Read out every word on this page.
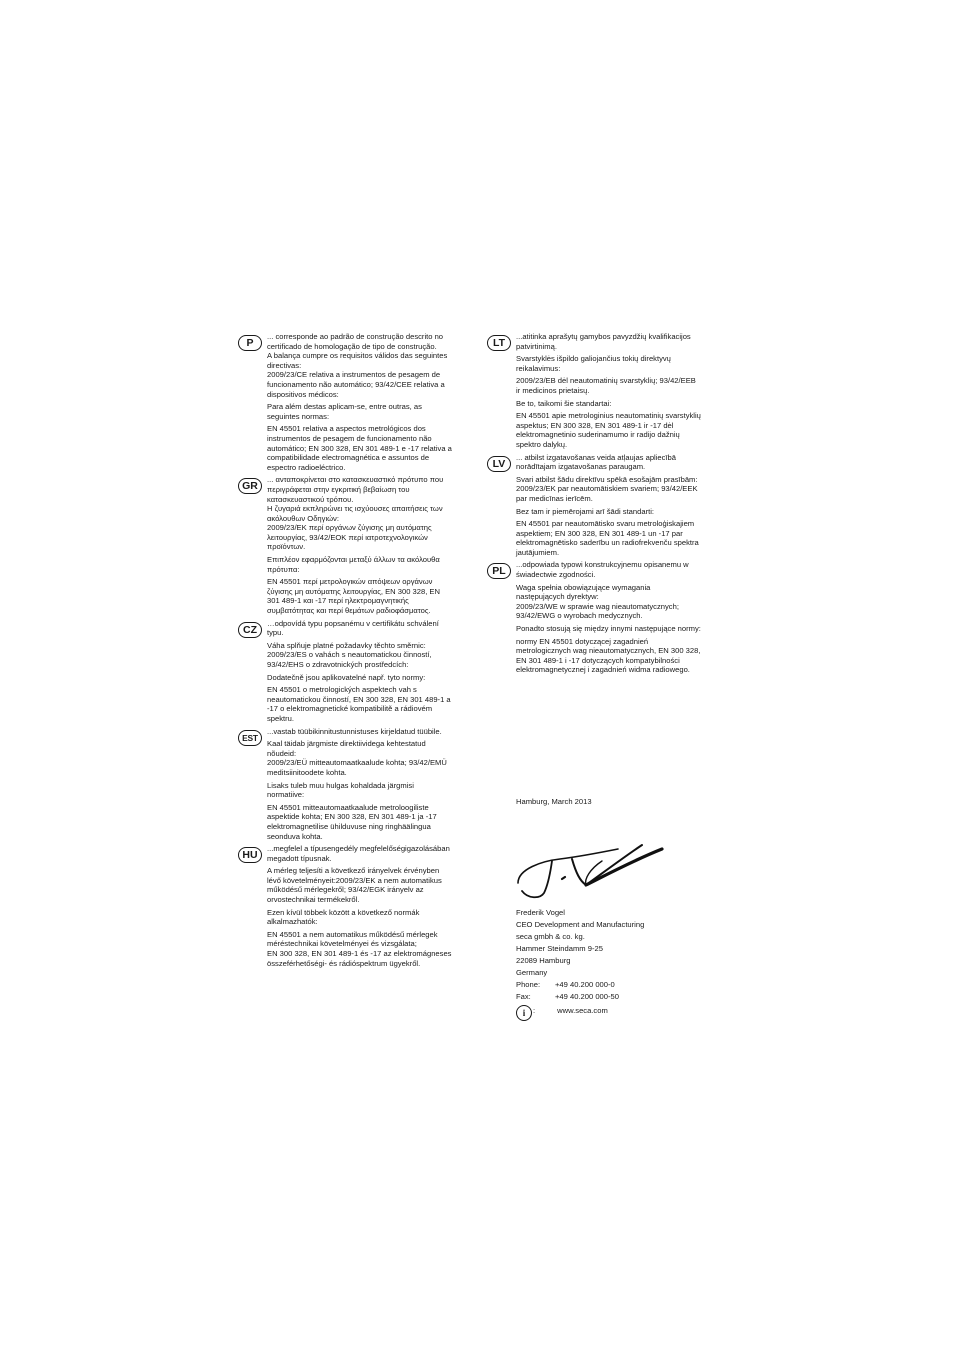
P

... corresponde ao padrão de construção descrito no certificado de homologação de tipo de construção.
A balança cumpre os requisitos válidos das seguintes directivas:
2009/23/CE relativa a instrumentos de pesagem de funcionamento não automático; 93/42/CEE relativa a dispositivos médicos:

Para além destas aplicam-se, entre outras, as seguintes normas:

EN 45501 relativa a aspectos metrológicos dos instrumentos de pesagem de funcionamento não automático; EN 300 328, EN 301 489-1 e -17 relativa a compatibilidade electromagnética e assuntos de espectro radioeléctrico.

GR

... ανταποκρίνεται στο κατασκευαστικό πρότυπο που περιγράφεται στην εγκριτική βεβαίωση του κατασκευαστικού τρόπου.
Η ζυγαριά εκπληρώνει τις ισχύουσες απαιτήσεις των ακόλουθων Οδηγιών:
2009/23/ΕΚ περί οργάνων ζύγισης μη αυτόματης λειτουργίας, 93/42/ΕΟΚ περί ιατροτεχνολογικών προϊόντων.

Επιπλέον εφαρμόζονται μεταξύ άλλων τα ακόλουθα πρότυπα:

EN 45501 περί μετρολογικών απόψεων οργάνων ζύγισης μη αυτόματης λειτουργίας, EN 300 328, EN 301 489-1 και -17 περί ηλεκτρομαγνητικής συμβατότητας και περί θεμάτων ραδιοφάσματος.

CZ

…odpovídá typu popsanému v certifikátu schválení typu.

Váha splňuje platné požadavky těchto směrnic: 2009/23/ES o vahách s neautomatickou činností, 93/42/EHS o zdravotnických prostředcích:

Dodatečně jsou aplikovatelné např. tyto normy:

EN 45501 o metrologických aspektech vah s neautomatickou činností, EN 300 328, EN 301 489-1 a -17 o elektromagnetické kompatibilitě a rádiovém spektru.

EST

...vastab tüübikinnitustunnistuses kirjeldatud tüübile.

Kaal täidab järgmiste direktiividega kehtestatud nõudeid:
2009/23/EÜ mitteautomaatkaalude kohta; 93/42/EMÜ meditsiinitoodete kohta.

Lisaks tuleb muu hulgas kohaldada järgmisi normatiive:

EN 45501 mitteautomaatkaalude metroloogiliste aspektide kohta; EN 300 328, EN 301 489-1 ja -17 elektromagnetilise ühilduvuse ning ringhäälingua seonduva kohta.

HU

...megfelel a típusengedély megfelelőségigazolásában megadott típusnak.

A mérleg teljesíti a következő irányelvek érvényben lévő követelményeit:2009/23/EK a nem automatikus működésű mérlegekről; 93/42/EGK irányelv az orvostechnikai termékekről.

Ezen kívül többek között a következő normák alkalmazhatók:

EN 45501 a nem automatikus működésű mérlegek méréstechnikai követelményei és vizsgálata;
EN 300 328, EN 301 489-1 és -17 az elektromágneses összeférhetőségi- és rádióspektrum ügyekről.

LT

...atitinka aprašytų gamybos pavyzdžių kvalifikacijos patvirtinimą.

Svarstyklės išpildo galiojančius tokių direktyvų reikalavimus:

2009/23/EB dėl neautomatinių svarstyklių; 93/42/EEB ir medicinos prietaisų.

Be to, taikomi šie standartai:

EN 45501 apie metrologinius neautomatinių svarstyklių aspektus; EN 300 328, EN 301 489-1 ir -17 dėl elektromagnetinio suderinamumo ir radijo dažnių spektro dalykų.

LV

... atbilst izgatavošanas veida atļaujas apliecībā norādītajam izgatavošanas paraugam.

Svari atbilst šādu direktīvu spēkā esošajām prasībām: 2009/23/EK par neautomātiskiem svariem; 93/42/EEK par medicīnas ierīcēm.

Bez tam ir piemērojami arī šādi standarti:

EN 45501 par neautomātisko svaru metroloģiskajiem aspektiem; EN 300 328, EN 301 489-1 un -17 par elektromagnētisko saderību un radiofrekvenču spektra jautājumiem.

PL

...odpowiada typowi konstrukcyjnemu opisanemu w świadectwie zgodności.

Waga spełnia obowiązujące wymagania następujących dyrektyw:
2009/23/WE w sprawie wag nieautomatycznych; 93/42/EWG o wyrobach medycznych.

Ponadto stosują się między innymi następujące normy:

normy EN 45501 dotyczącej zagadnień metrologicznych wag nieautomatycznych, EN 300 328, EN 301 489-1 i -17 dotyczących kompatybilności elektromagnetycznej i zagadnień widma radiowego.

Hamburg, March 2013

Frederik Vogel

CEO Development and Manufacturing

seca gmbh & co. kg.

Hammer Steindamm 9-25

22089 Hamburg

Germany

Phone:	+49 40.200 000-0
Fax:	+49 40.200 000-50
i	:	www.seca.com
